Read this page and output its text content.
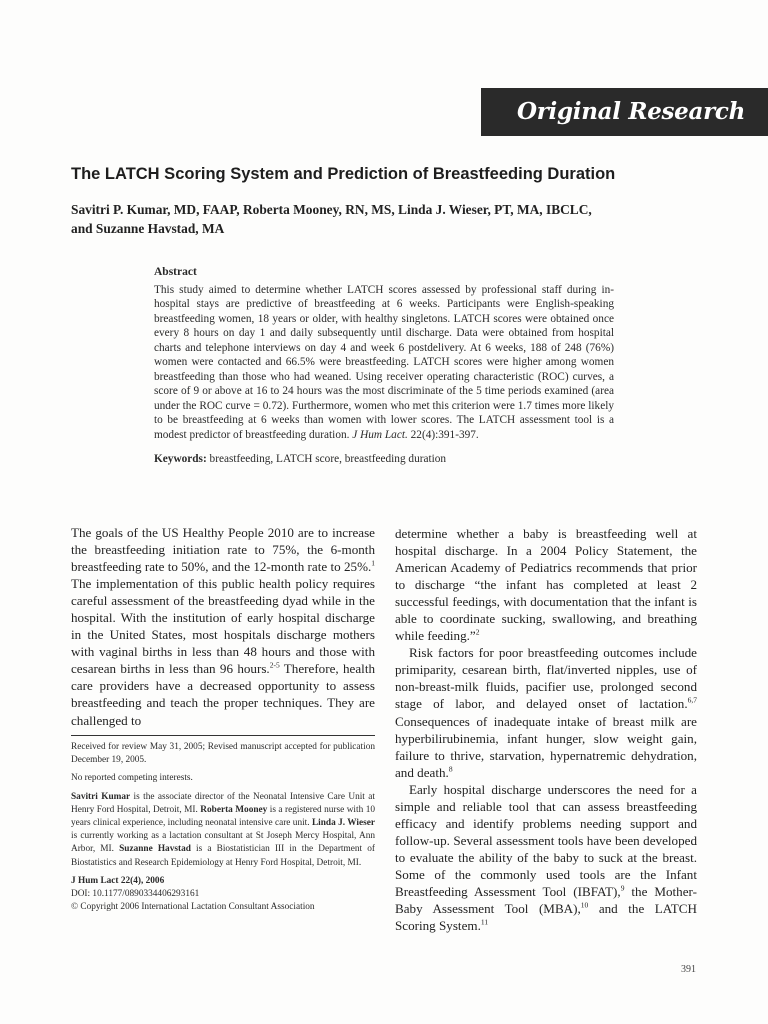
Original Research
The LATCH Scoring System and Prediction of Breastfeeding Duration
Savitri P. Kumar, MD, FAAP, Roberta Mooney, RN, MS, Linda J. Wieser, PT, MA, IBCLC,
and Suzanne Havstad, MA
Abstract
This study aimed to determine whether LATCH scores assessed by professional staff during in-hospital stays are predictive of breastfeeding at 6 weeks. Participants were English-speaking breastfeeding women, 18 years or older, with healthy singletons. LATCH scores were obtained once every 8 hours on day 1 and daily subsequently until discharge. Data were obtained from hospital charts and telephone interviews on day 4 and week 6 postdelivery. At 6 weeks, 188 of 248 (76%) women were contacted and 66.5% were breastfeeding. LATCH scores were higher among women breastfeeding than those who had weaned. Using receiver operating characteristic (ROC) curves, a score of 9 or above at 16 to 24 hours was the most discriminate of the 5 time periods examined (area under the ROC curve = 0.72). Furthermore, women who met this criterion were 1.7 times more likely to be breastfeeding at 6 weeks than women with lower scores. The LATCH assessment tool is a modest predictor of breastfeeding duration. J Hum Lact. 22(4):391-397.
Keywords: breastfeeding, LATCH score, breastfeeding duration

The goals of the US Healthy People 2010 are to increase the breastfeeding initiation rate to 75%, the 6-month breastfeeding rate to 50%, and the 12-month rate to 25%.$^1$ The implementation of this public health policy requires careful assessment of the breastfeeding dyad while in the hospital. With the institution of early hospital discharge in the United States, most hospitals discharge mothers with vaginal births in less than 48 hours and those with cesarean births in less than 96 hours.$^{2-5}$ Therefore, health care providers have a decreased opportunity to assess breastfeeding and teach the proper techniques. They are challenged to

Received for review May 31, 2005; Revised manuscript accepted for publication December 19, 2005.

No reported competing interests.

Savitri Kumar is the associate director of the Neonatal Intensive Care Unit at Henry Ford Hospital, Detroit, MI. Roberta Mooney is a registered nurse with 10 years clinical experience, including neonatal intensive care unit. Linda J. Wieser is currently working as a lactation consultant at St Joseph Mercy Hospital, Ann Arbor, MI. Suzanne Havstad is a Biostatistician III in the Department of Biostatistics and Research Epidemiology at Henry Ford Hospital, Detroit, MI.

J Hum Lact 22(4), 2006
DOI: 10.1177/0890334406293161
© Copyright 2006 International Lactation Consultant Association

determine whether a baby is breastfeeding well at hospital discharge. In a 2004 Policy Statement, the American Academy of Pediatrics recommends that prior to discharge “the infant has completed at least 2 successful feedings, with documentation that the infant is able to coordinate sucking, swallowing, and breathing while feeding.”$^2$

Risk factors for poor breastfeeding outcomes include primiparity, cesarean birth, flat/inverted nipples, use of non-breast-milk fluids, pacifier use, prolonged second stage of labor, and delayed onset of lactation.$^{6,7}$ Consequences of inadequate intake of breast milk are hyperbilirubinemia, infant hunger, slow weight gain, failure to thrive, starvation, hypernatremic dehydration, and death.$^8$

Early hospital discharge underscores the need for a simple and reliable tool that can assess breastfeeding efficacy and identify problems needing support and follow-up. Several assessment tools have been developed to evaluate the ability of the baby to suck at the breast. Some of the commonly used tools are the Infant Breastfeeding Assessment Tool (IBFAT),$^9$ the Mother-Baby Assessment Tool (MBA),$^{10}$ and the LATCH Scoring System.$^{11}$

391
